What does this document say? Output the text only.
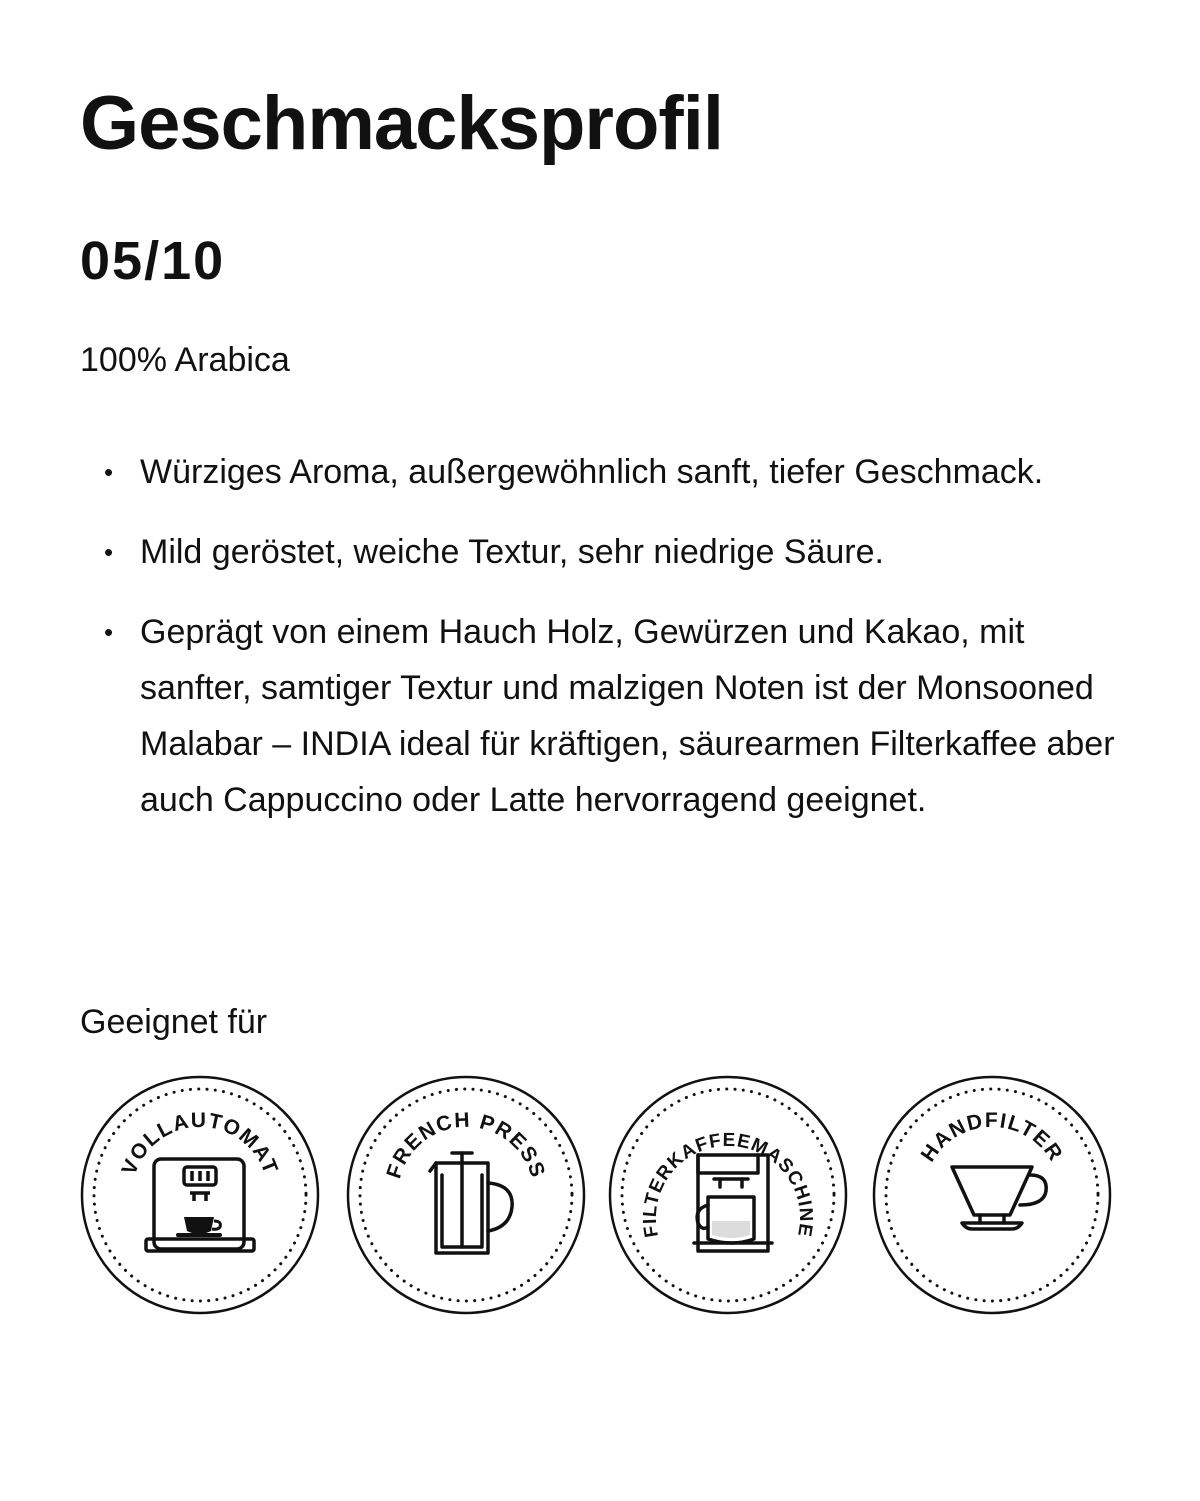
Geschmacksprofil
05/10

100% Arabica

• Würziges Aroma, außergewöhnlich sanft, tiefer Geschmack.
• Mild geröstet, weiche Textur, sehr niedrige Säure.
• Geprägt von einem Hauch Holz, Gewürzen und Kakao, mit sanfter, samtiger Textur und malzigen Noten ist der Monsooned Malabar – INDIA ideal für kräftigen, säurearmen Filterkaffee aber auch Cappuccino oder Latte hervorragend geeignet.

Geeignet für

VOLLAUTOMAT	FRENCH PRESS
FILTERKAFFEEMASCHINE
HANDFILTER
